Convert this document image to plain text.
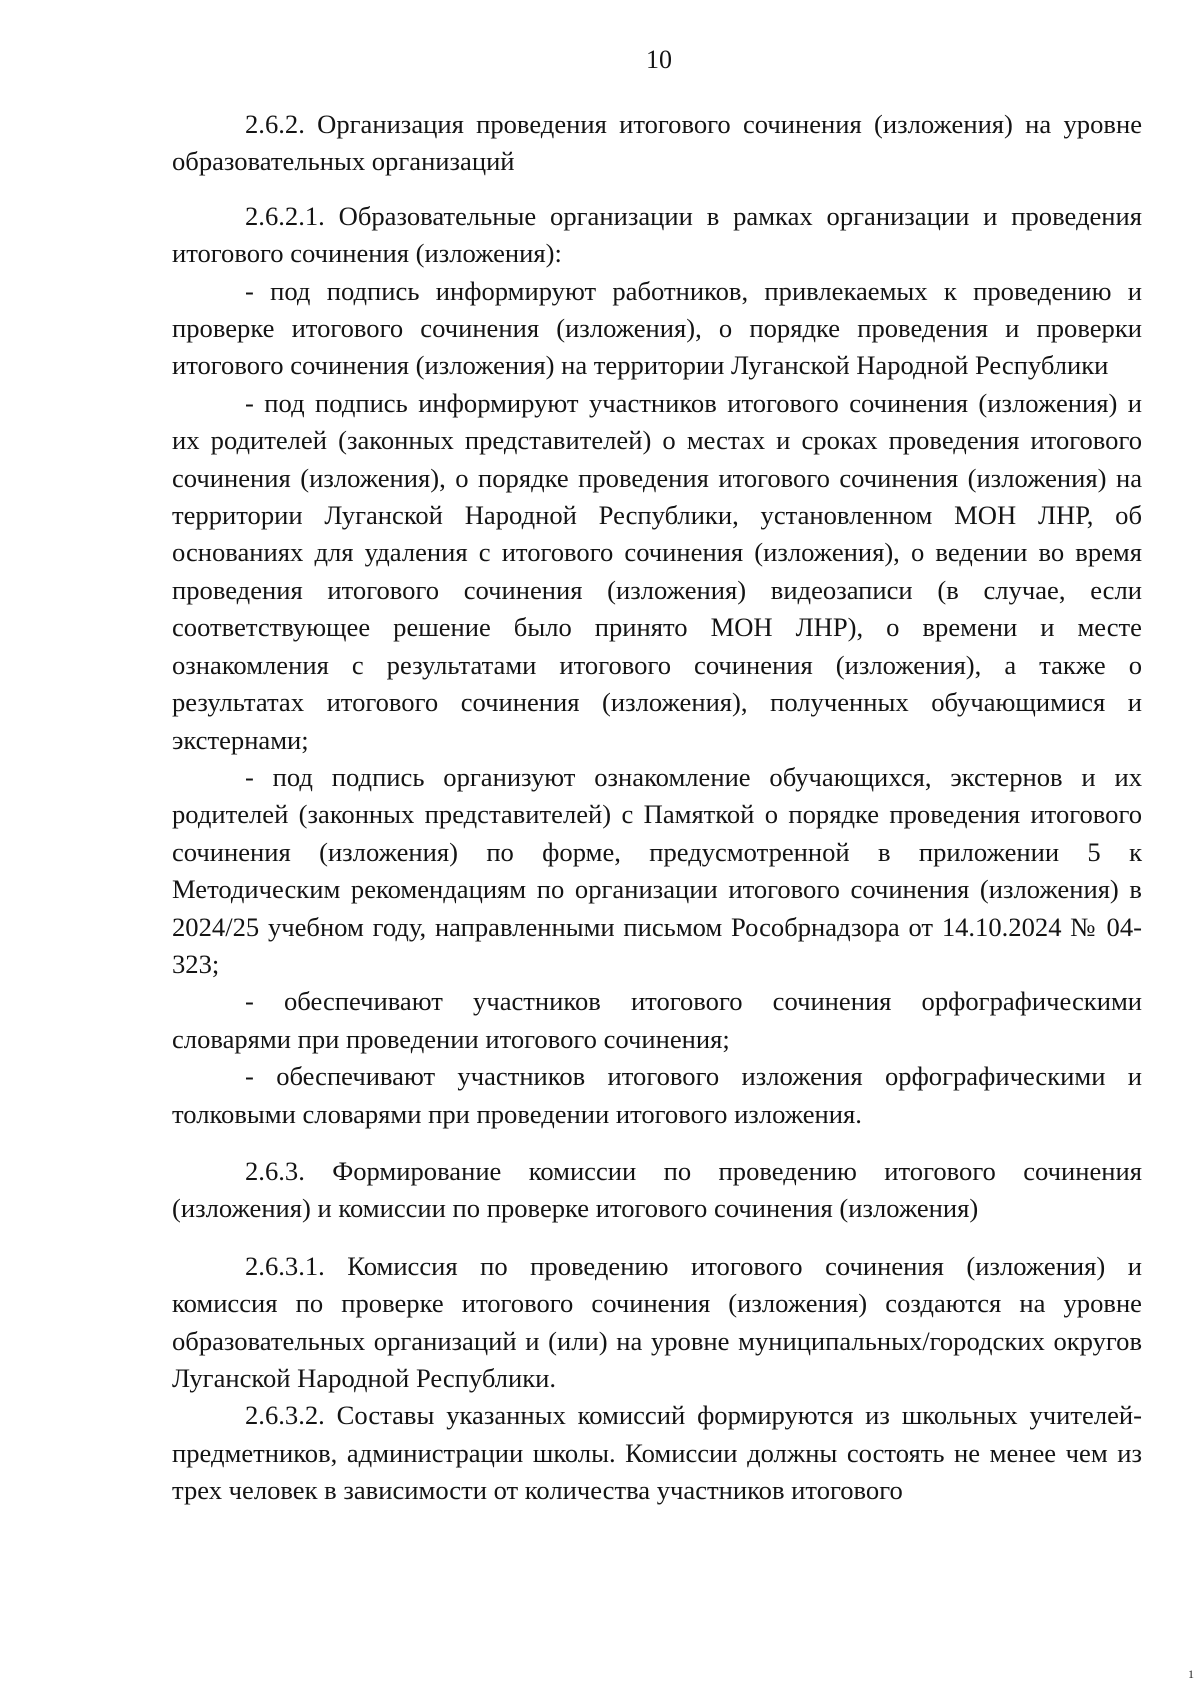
10

2.6.2. Организация проведения итогового сочинения (изложения) на уровне образовательных организаций

2.6.2.1. Образовательные организации в рамках организации и проведения итогового сочинения (изложения):

- под подпись информируют работников, привлекаемых к проведению и проверке итогового сочинения (изложения), о порядке проведения и проверки итогового сочинения (изложения) на территории Луганской Народной Республики

- под подпись информируют участников итогового сочинения (изложения) и их родителей (законных представителей) о местах и сроках проведения итогового сочинения (изложения), о порядке проведения итогового сочинения (изложения) на территории Луганской Народной Республики, установленном МОН ЛНР, об основаниях для удаления с итогового сочинения (изложения), о ведении во время проведения итогового сочинения (изложения) видеозаписи (в случае, если соответствующее решение было принято МОН ЛНР), о времени и месте ознакомления с результатами итогового сочинения (изложения), а также о результатах итогового сочинения (изложения), полученных обучающимися и экстернами;

- под подпись организуют ознакомление обучающихся, экстернов и их родителей (законных представителей) с Памяткой о порядке проведения итогового сочинения (изложения) по форме, предусмотренной в приложении 5 к Методическим рекомендациям по организации итогового сочинения (изложения) в 2024/25 учебном году, направленными письмом Рособрнадзора от 14.10.2024 № 04-323;

- обеспечивают участников итогового сочинения орфографическими словарями при проведении итогового сочинения;

- обеспечивают участников итогового изложения орфографическими и толковыми словарями при проведении итогового изложения.

2.6.3. Формирование комиссии по проведению итогового сочинения (изложения) и комиссии по проверке итогового сочинения (изложения)

2.6.3.1. Комиссия по проведению итогового сочинения (изложения) и комиссия по проверке итогового сочинения (изложения) создаются на уровне образовательных организаций и (или) на уровне муниципальных/городских округов Луганской Народной Республики.

2.6.3.2. Составы указанных комиссий формируются из школьных учителей-предметников, администрации школы. Комиссии должны состоять не менее чем из трех человек в зависимости от количества участников итогового

1
